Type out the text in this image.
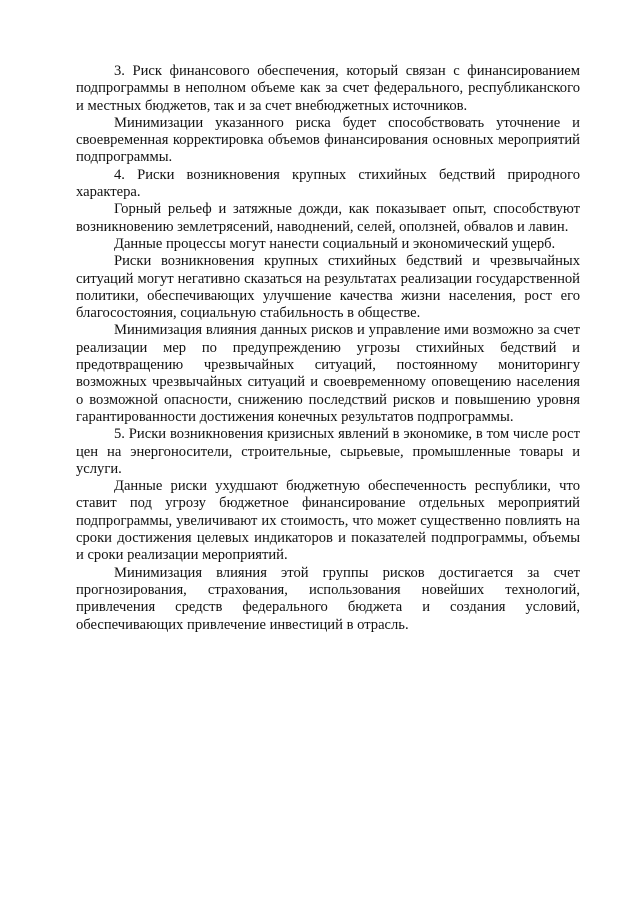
3. Риск финансового обеспечения, который связан с финансированием подпрограммы в неполном объеме как за счет федерального, республиканского и местных бюджетов, так и за счет внебюджетных источников.

Минимизации указанного риска будет способствовать уточнение и своевременная корректировка объемов финансирования основных мероприятий подпрограммы.

4. Риски возникновения крупных стихийных бедствий природного характера.

Горный рельеф и затяжные дожди, как показывает опыт, способствуют возникновению землетрясений, наводнений, селей, оползней, обвалов и лавин.

Данные процессы могут нанести социальный и экономический ущерб.

Риски возникновения крупных стихийных бедствий и чрезвычайных ситуаций могут негативно сказаться на результатах реализации государственной политики, обеспечивающих улучшение качества жизни населения, рост его благосостояния, социальную стабильность в обществе.

Минимизация влияния данных рисков и управление ими возможно за счет реализации мер по предупреждению угрозы стихийных бедствий и предотвращению чрезвычайных ситуаций, постоянному мониторингу возможных чрезвычайных ситуаций и своевременному оповещению населения о возможной опасности, снижению последствий рисков и повышению уровня гарантированности достижения конечных результатов подпрограммы.

5. Риски возникновения кризисных явлений в экономике, в том числе рост цен на энергоносители, строительные, сырьевые, промышленные товары и услуги.

Данные риски ухудшают бюджетную обеспеченность республики, что ставит под угрозу бюджетное финансирование отдельных мероприятий подпрограммы, увеличивают их стоимость, что может существенно повлиять на сроки достижения целевых индикаторов и показателей подпрограммы, объемы и сроки реализации мероприятий.

Минимизация влияния этой группы рисков достигается за счет прогнозирования, страхования, использования новейших технологий, привлечения средств федерального бюджета и создания условий, обеспечивающих привлечение инвестиций в отрасль.
